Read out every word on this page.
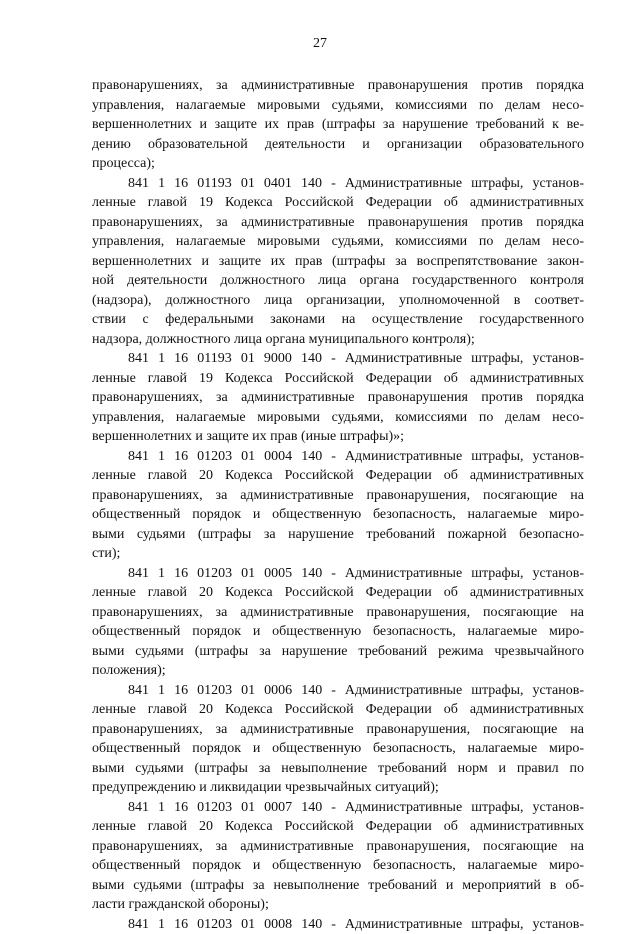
27
правонарушениях, за административные правонарушения против порядка
управления, налагаемые мировыми судьями, комиссиями по делам несо-
вершеннолетних и защите их прав (штрафы за нарушение требований к ве-
дению образовательной деятельности и организации образовательного
процесса);
841 1 16 01193 01 0401 140 - Административные штрафы, установ-
ленные главой 19 Кодекса Российской Федерации об административных
правонарушениях, за административные правонарушения против порядка
управления, налагаемые мировыми судьями, комиссиями по делам несо-
вершеннолетних и защите их прав (штрафы за воспрепятствование закон-
ной деятельности должностного лица органа государственного контроля
(надзора), должностного лица организации, уполномоченной в соответ-
ствии с федеральными законами на осуществление государственного
надзора, должностного лица органа муниципального контроля);
841 1 16 01193 01 9000 140 - Административные штрафы, установ-
ленные главой 19 Кодекса Российской Федерации об административных
правонарушениях, за административные правонарушения против порядка
управления, налагаемые мировыми судьями, комиссиями по делам несо-
вершеннолетних и защите их прав (иные штрафы)»;
841 1 16 01203 01 0004 140 - Административные штрафы, установ-
ленные главой 20 Кодекса Российской Федерации об административных
правонарушениях, за административные правонарушения, посягающие на
общественный порядок и общественную безопасность, налагаемые миро-
выми судьями (штрафы за нарушение требований пожарной безопасно-
сти);
841 1 16 01203 01 0005 140 - Административные штрафы, установ-
ленные главой 20 Кодекса Российской Федерации об административных
правонарушениях, за административные правонарушения, посягающие на
общественный порядок и общественную безопасность, налагаемые миро-
выми судьями (штрафы за нарушение требований режима чрезвычайного
положения);
841 1 16 01203 01 0006 140 - Административные штрафы, установ-
ленные главой 20 Кодекса Российской Федерации об административных
правонарушениях, за административные правонарушения, посягающие на
общественный порядок и общественную безопасность, налагаемые миро-
выми судьями (штрафы за невыполнение требований норм и правил по
предупреждению и ликвидации чрезвычайных ситуаций);
841 1 16 01203 01 0007 140 - Административные штрафы, установ-
ленные главой 20 Кодекса Российской Федерации об административных
правонарушениях, за административные правонарушения, посягающие на
общественный порядок и общественную безопасность, налагаемые миро-
выми судьями (штрафы за невыполнение требований и мероприятий в об-
ласти гражданской обороны);
841 1 16 01203 01 0008 140 - Административные штрафы, установ-
